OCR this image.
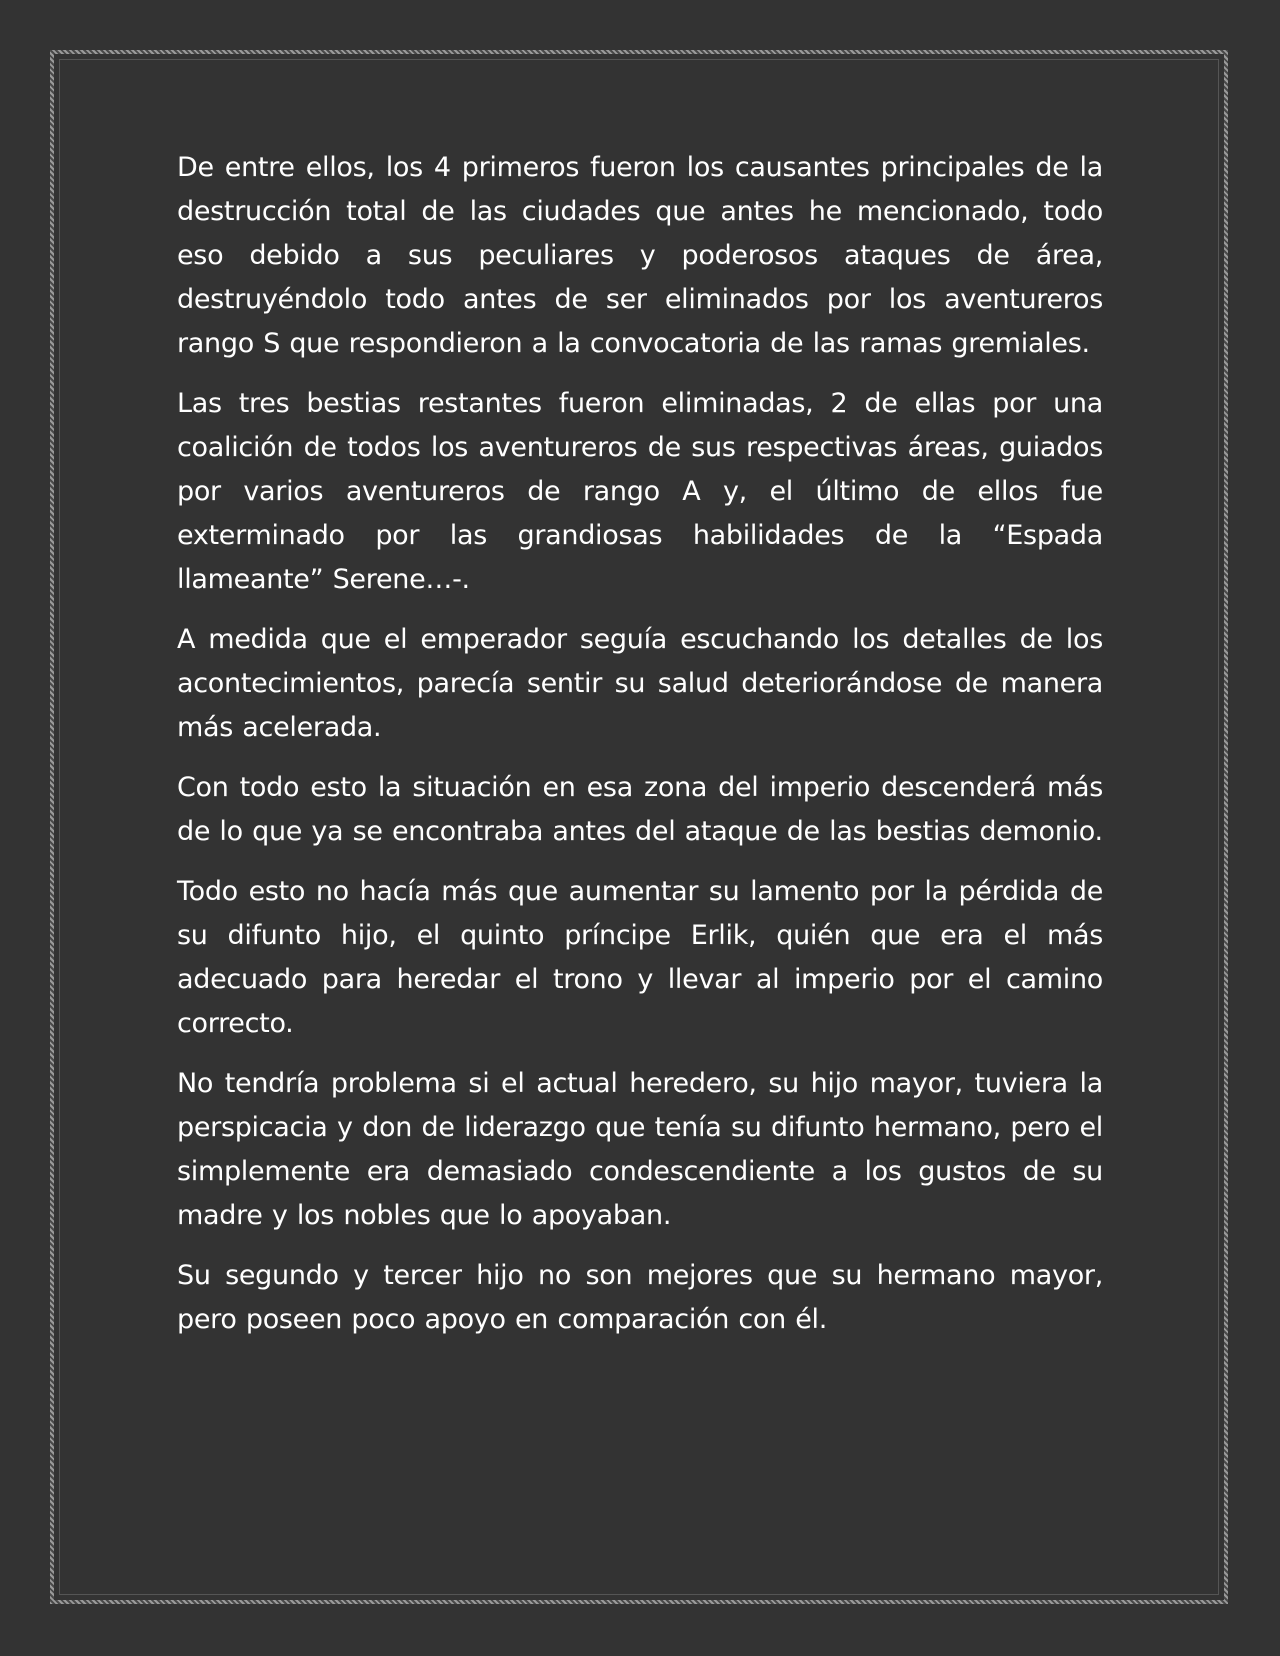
De entre ellos, los 4 primeros fueron los causantes principales de la destrucción total de las ciudades que antes he mencionado, todo eso debido a sus peculiares y poderosos ataques de área, destruyéndolo todo antes de ser eliminados por los aventureros rango S que respondieron a la convocatoria de las ramas gremiales.

Las tres bestias restantes fueron eliminadas, 2 de ellas por una coalición de todos los aventureros de sus respectivas áreas, guiados por varios aventureros de rango A y, el último de ellos fue exterminado por las grandiosas habilidades de la “Espada llameante” Serene…-.

A medida que el emperador seguía escuchando los detalles de los acontecimientos, parecía sentir su salud deteriorándose de manera más acelerada.

Con todo esto la situación en esa zona del imperio descenderá más de lo que ya se encontraba antes del ataque de las bestias demonio.

Todo esto no hacía más que aumentar su lamento por la pérdida de su difunto hijo, el quinto príncipe Erlik, quién que era el más adecuado para heredar el trono y llevar al imperio por el camino correcto.

No tendría problema si el actual heredero, su hijo mayor, tuviera la perspicacia y don de liderazgo que tenía su difunto hermano, pero el simplemente era demasiado condescendiente a los gustos de su madre y los nobles que lo apoyaban.

Su segundo y tercer hijo no son mejores que su hermano mayor, pero poseen poco apoyo en comparación con él.
